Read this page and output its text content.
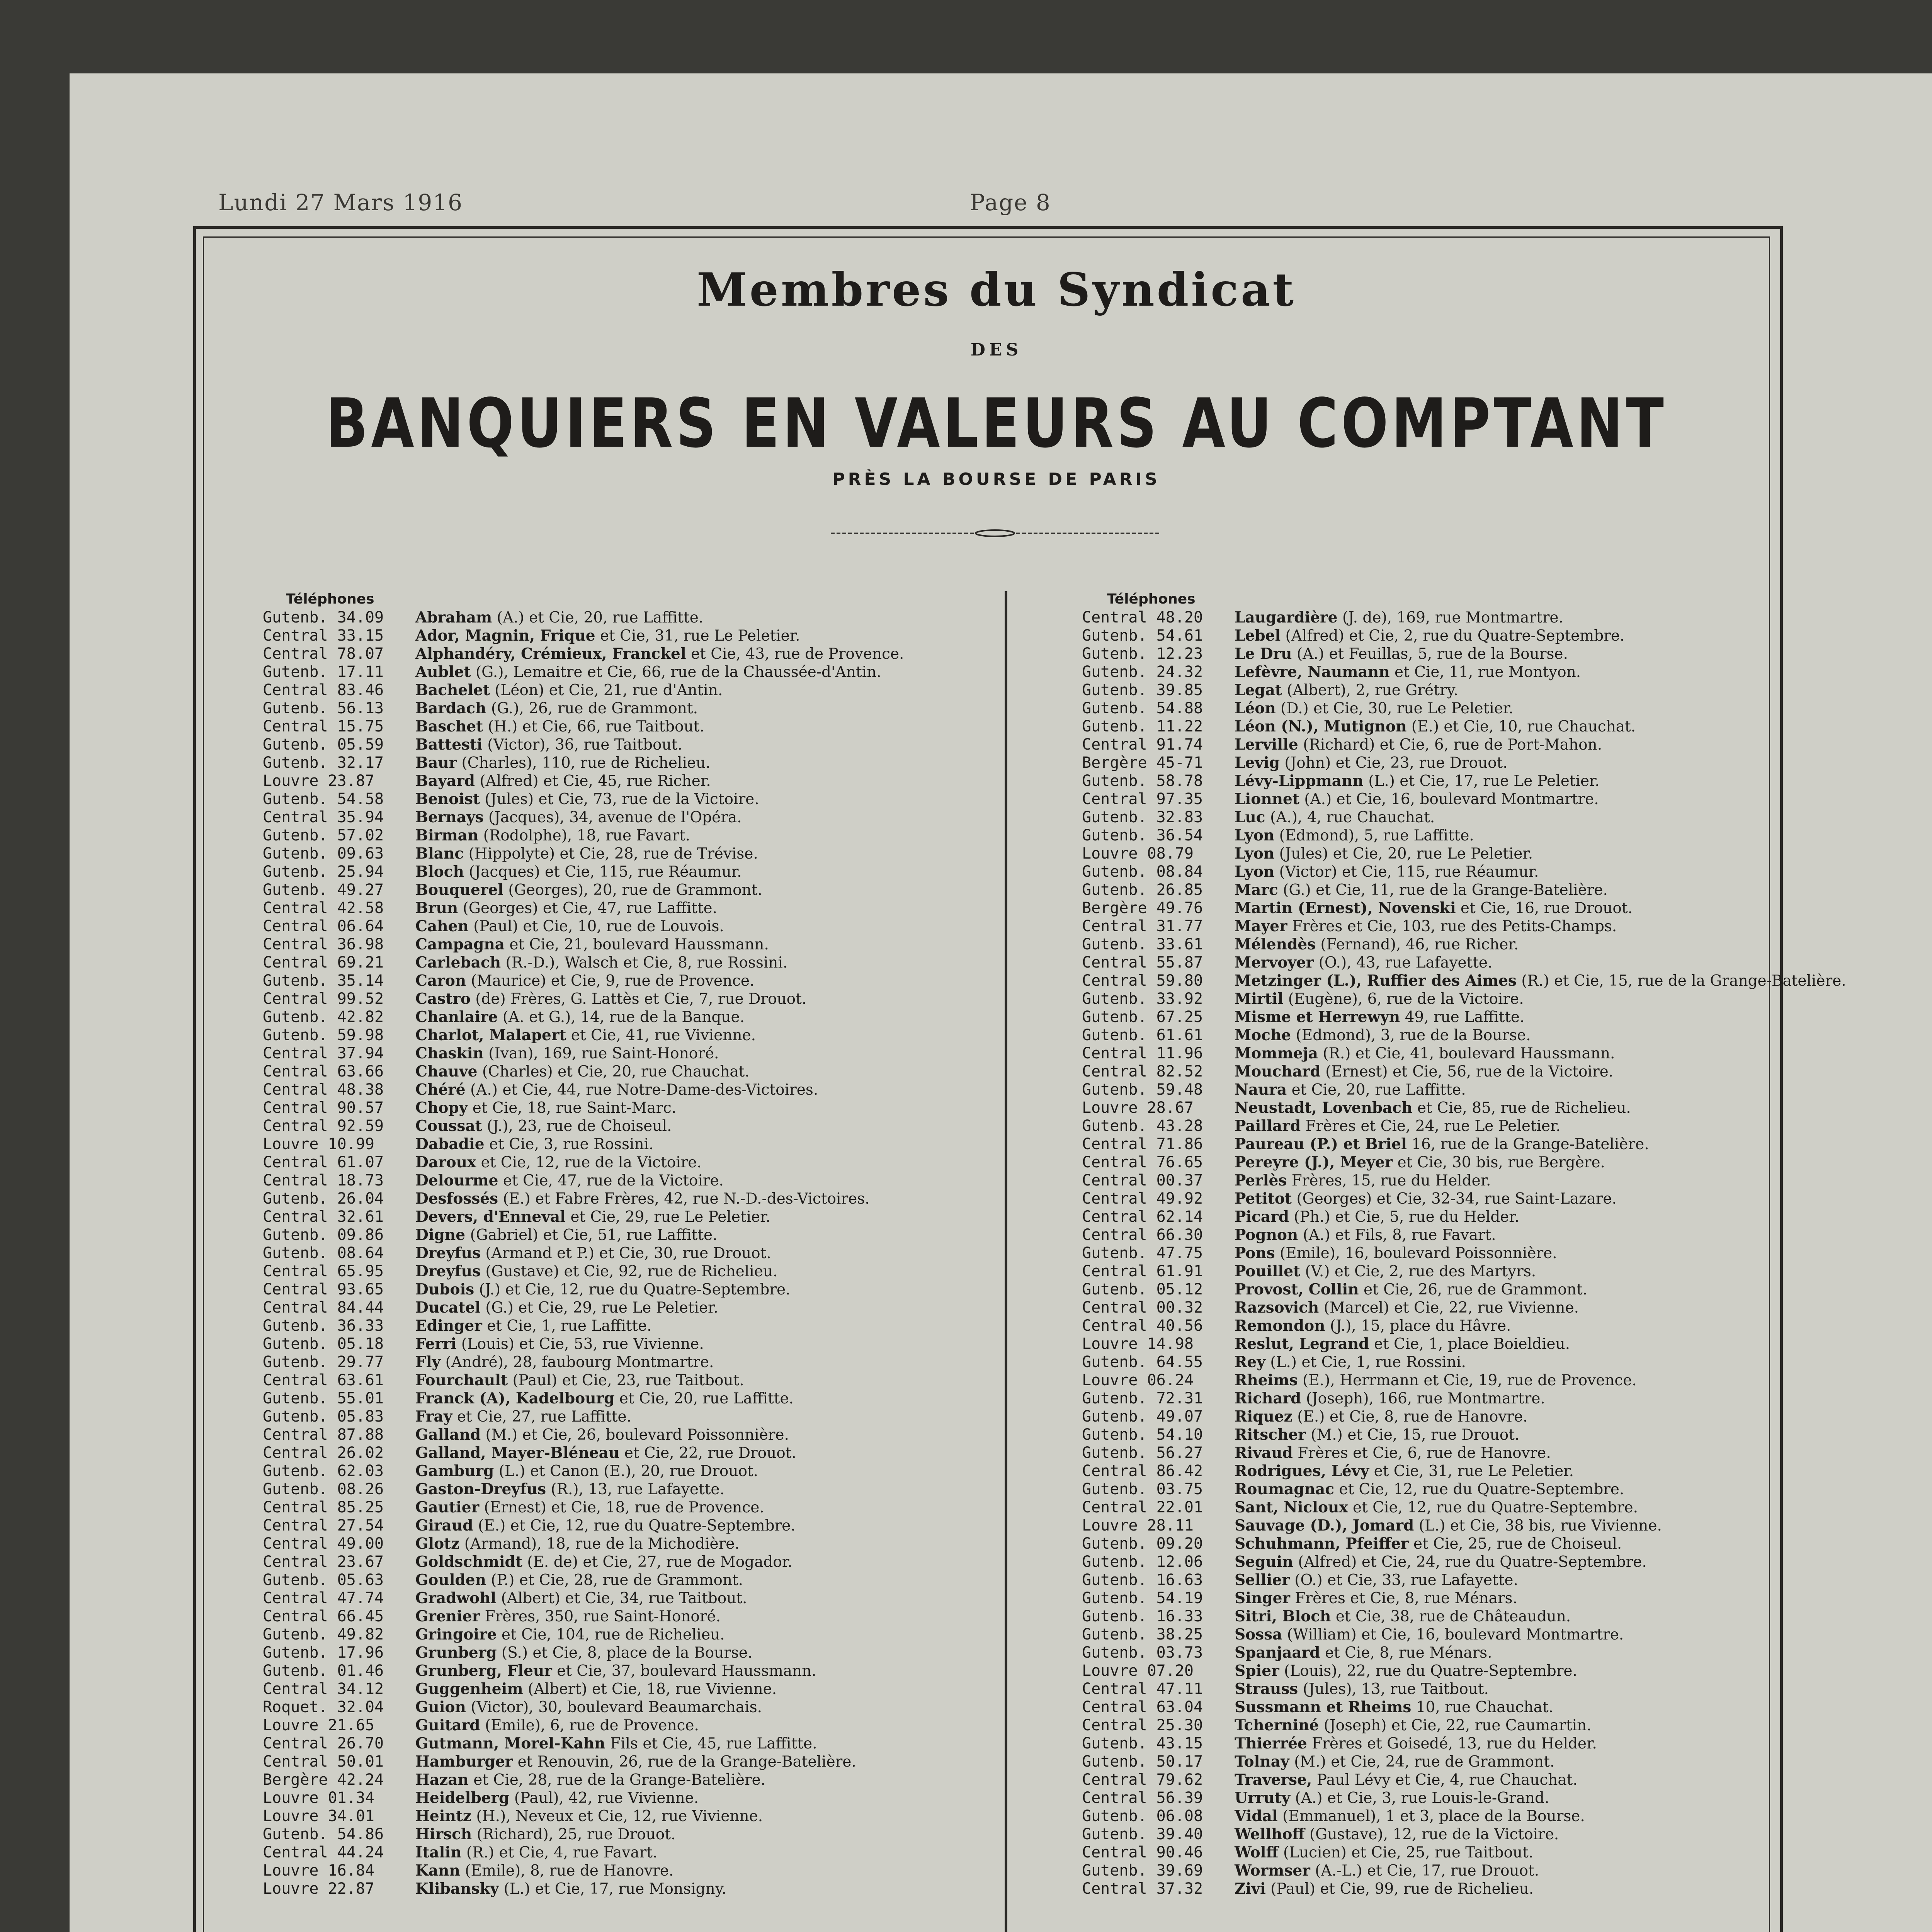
Lundi 27 Mars 1916	Page 8
Membres du Syndicat
DES
BANQUIERS EN VALEURS AU COMPTANT
PRÈS LA BOURSE DE PARIS
Téléphones	Téléphones
Gutenb. 34.09 Abraham (A.) et Cie, 20, rue Laffitte.
Central 33.15 Ador, Magnin, Frique et Cie, 31, rue Le Peletier.
Central 78.07 Alphandéry, Crémieux, Franckel et Cie, 43, rue de Provence.
Gutenb. 17.11 Aublet (G.), Lemaitre et Cie, 66, rue de la Chaussée-d'Antin.
Central 83.46 Bachelet (Léon) et Cie, 21, rue d'Antin.
Gutenb. 56.13 Bardach (G.), 26, rue de Grammont.
Central 15.75 Baschet (H.) et Cie, 66, rue Taitbout.
Gutenb. 05.59 Battesti (Victor), 36, rue Taitbout.
Gutenb. 32.17 Baur (Charles), 110, rue de Richelieu.
Louvre 23.87	Bayard (Alfred) et Cie, 45, rue Richer.
Gutenb. 54.58 Benoist (Jules) et Cie, 73, rue de la Victoire.
Central 35.94 Bernays (Jacques), 34, avenue de l'Opéra.
Gutenb. 57.02 Birman (Rodolphe), 18, rue Favart.
Gutenb. 09.63 Blanc (Hippolyte) et Cie, 28, rue de Trévise.
Gutenb. 25.94 Bloch (Jacques) et Cie, 115, rue Réaumur.
Gutenb. 49.27 Bouquerel (Georges), 20, rue de Grammont.
Central 42.58 Brun (Georges) et Cie, 47, rue Laffitte.
Central 06.64 Cahen (Paul) et Cie, 10, rue de Louvois.
Central 36.98 Campagna et Cie, 21, boulevard Haussmann.
Central 69.21 Carlebach (R.-D.), Walsch et Cie, 8, rue Rossini.
Gutenb. 35.14 Caron (Maurice) et Cie, 9, rue de Provence.
Central 99.52 Castro (de) Frères, G. Lattès et Cie, 7, rue Drouot.
Gutenb. 42.82 Chanlaire (A. et G.), 14, rue de la Banque.
Gutenb. 59.98 Charlot, Malapert et Cie, 41, rue Vivienne.
Central 37.94 Chaskin (Ivan), 169, rue Saint-Honoré.
Central 63.66 Chauve (Charles) et Cie, 20, rue Chauchat.
Central 48.38 Chéré (A.) et Cie, 44, rue Notre-Dame-des-Victoires.
Central 90.57 Chopy et Cie, 18, rue Saint-Marc.
Central 92.59 Coussat (J.), 23, rue de Choiseul.
Louvre 10.99	Dabadie et Cie, 3, rue Rossini.
Central 61.07 Daroux et Cie, 12, rue de la Victoire.
Central 18.73 Delourme et Cie, 47, rue de la Victoire.
Gutenb. 26.04 Desfossés (E.) et Fabre Frères, 42, rue N.-D.-des-Victoires.
Central 32.61 Devers, d'Enneval et Cie, 29, rue Le Peletier.
Gutenb. 09.86 Digne (Gabriel) et Cie, 51, rue Laffitte.
Gutenb. 08.64 Dreyfus (Armand et P.) et Cie, 30, rue Drouot.
Central 65.95 Dreyfus (Gustave) et Cie, 92, rue de Richelieu.
Central 93.65 Dubois (J.) et Cie, 12, rue du Quatre-Septembre.
Central 84.44 Ducatel (G.) et Cie, 29, rue Le Peletier.
Gutenb. 36.33 Edinger et Cie, 1, rue Laffitte.
Gutenb. 05.18 Ferri (Louis) et Cie, 53, rue Vivienne.
Gutenb. 29.77 Fly (André), 28, faubourg Montmartre.
Central 63.61 Fourchault (Paul) et Cie, 23, rue Taitbout.
Gutenb. 55.01 Franck (A), Kadelbourg et Cie, 20, rue Laffitte.
Gutenb. 05.83 Fray et Cie, 27, rue Laffitte.
Central 87.88 Galland (M.) et Cie, 26, boulevard Poissonnière.
Central 26.02 Galland, Mayer-Bléneau et Cie, 22, rue Drouot.
Gutenb. 62.03 Gamburg (L.) et Canon (E.), 20, rue Drouot.
Gutenb. 08.26 Gaston-Dreyfus (R.), 13, rue Lafayette.
Central 85.25 Gautier (Ernest) et Cie, 18, rue de Provence.
Central 27.54 Giraud (E.) et Cie, 12, rue du Quatre-Septembre.
Central 49.00 Glotz (Armand), 18, rue de la Michodière.
Central 23.67 Goldschmidt (E. de) et Cie, 27, rue de Mogador.
Gutenb. 05.63 Goulden (P.) et Cie, 28, rue de Grammont.
Central 47.74 Gradwohl (Albert) et Cie, 34, rue Taitbout.
Central 66.45 Grenier Frères, 350, rue Saint-Honoré.
Gutenb. 49.82 Gringoire et Cie, 104, rue de Richelieu.
Gutenb. 17.96 Grunberg (S.) et Cie, 8, place de la Bourse.
Gutenb. 01.46 Grunberg, Fleur et Cie, 37, boulevard Haussmann.
Central 34.12 Guggenheim (Albert) et Cie, 18, rue Vivienne.
Roquet. 32.04 Guion (Victor), 30, boulevard Beaumarchais.
Louvre 21.65	Guitard (Emile), 6, rue de Provence.
Central 26.70 Gutmann, Morel-Kahn Fils et Cie, 45, rue Laffitte.
Central 50.01 Hamburger et Renouvin, 26, rue de la Grange-Batelière.
Bergère 42.24 Hazan et Cie, 28, rue de la Grange-Batelière.
Louvre 01.34	Heidelberg (Paul), 42, rue Vivienne.
Louvre 34.01	Heintz (H.), Neveux et Cie, 12, rue Vivienne.
Gutenb. 54.86 Hirsch (Richard), 25, rue Drouot.
Central 44.24 Italin (R.) et Cie, 4, rue Favart.
Louvre 16.84	Kann (Emile), 8, rue de Hanovre.
Louvre 22.87	Klibansky (L.) et Cie, 17, rue Monsigny.
Central 48.20 Laugardière (J. de), 169, rue Montmartre.
Gutenb. 54.61 Lebel (Alfred) et Cie, 2, rue du Quatre-Septembre.
Gutenb. 12.23 Le Dru (A.) et Feuillas, 5, rue de la Bourse.
Gutenb. 24.32 Lefèvre, Naumann et Cie, 11, rue Montyon.
Gutenb. 39.85 Legat (Albert), 2, rue Grétry.
Gutenb. 54.88 Léon (D.) et Cie, 30, rue Le Peletier.
Gutenb. 11.22 Léon (N.), Mutignon (E.) et Cie, 10, rue Chauchat.
Central 91.74 Lerville (Richard) et Cie, 6, rue de Port-Mahon.
Bergère 45-71 Levig (John) et Cie, 23, rue Drouot.
Gutenb. 58.78 Lévy-Lippmann (L.) et Cie, 17, rue Le Peletier.
Central 97.35 Lionnet (A.) et Cie, 16, boulevard Montmartre.
Gutenb. 32.83 Luc (A.), 4, rue Chauchat.
Gutenb. 36.54 Lyon (Edmond), 5, rue Laffitte.
Louvre 08.79	Lyon (Jules) et Cie, 20, rue Le Peletier.
Gutenb. 08.84 Lyon (Victor) et Cie, 115, rue Réaumur.
Gutenb. 26.85 Marc (G.) et Cie, 11, rue de la Grange-Batelière.
Bergère 49.76 Martin (Ernest), Novenski et Cie, 16, rue Drouot.
Central 31.77 Mayer Frères et Cie, 103, rue des Petits-Champs.
Gutenb. 33.61 Mélendès (Fernand), 46, rue Richer.
Central 55.87 Mervoyer (O.), 43, rue Lafayette.
Central 59.80 Metzinger (L.), Ruffier des Aimes (R.) et Cie, 15, rue de la Grange-Batelière.
Gutenb. 33.92 Mirtil (Eugène), 6, rue de la Victoire.
Gutenb. 67.25 Misme et Herrewyn 49, rue Laffitte.
Gutenb. 61.61 Moche (Edmond), 3, rue de la Bourse.
Central 11.96 Mommeja (R.) et Cie, 41, boulevard Haussmann.
Central 82.52 Mouchard (Ernest) et Cie, 56, rue de la Victoire.
Gutenb. 59.48 Naura et Cie, 20, rue Laffitte.
Louvre 28.67	Neustadt, Lovenbach et Cie, 85, rue de Richelieu.
Gutenb. 43.28 Paillard Frères et Cie, 24, rue Le Peletier.
Central 71.86 Paureau (P.) et Briel 16, rue de la Grange-Batelière.
Central 76.65 Pereyre (J.), Meyer et Cie, 30 bis, rue Bergère.
Central 00.37 Perlès Frères, 15, rue du Helder.
Central 49.92 Petitot (Georges) et Cie, 32-34, rue Saint-Lazare.
Central 62.14 Picard (Ph.) et Cie, 5, rue du Helder.
Central 66.30 Pognon (A.) et Fils, 8, rue Favart.
Gutenb. 47.75 Pons (Emile), 16, boulevard Poissonnière.
Central 61.91 Pouillet (V.) et Cie, 2, rue des Martyrs.
Gutenb. 05.12 Provost, Collin et Cie, 26, rue de Grammont.
Central 00.32 Razsovich (Marcel) et Cie, 22, rue Vivienne.
Central 40.56 Remondon (J.), 15, place du Hâvre.
Louvre 14.98	Reslut, Legrand et Cie, 1, place Boieldieu.
Gutenb. 64.55 Rey (L.) et Cie, 1, rue Rossini.
Louvre 06.24	Rheims (E.), Herrmann et Cie, 19, rue de Provence.
Gutenb. 72.31 Richard (Joseph), 166, rue Montmartre.
Gutenb. 49.07 Riquez (E.) et Cie, 8, rue de Hanovre.
Gutenb. 54.10 Ritscher (M.) et Cie, 15, rue Drouot.
Gutenb. 56.27 Rivaud Frères et Cie, 6, rue de Hanovre.
Central 86.42 Rodrigues, Lévy et Cie, 31, rue Le Peletier.
Gutenb. 03.75 Roumagnac et Cie, 12, rue du Quatre-Septembre.
Central 22.01 Sant, Nicloux et Cie, 12, rue du Quatre-Septembre.
Louvre 28.11	Sauvage (D.), Jomard (L.) et Cie, 38 bis, rue Vivienne.
Gutenb. 09.20 Schuhmann, Pfeiffer et Cie, 25, rue de Choiseul.
Gutenb. 12.06 Seguin (Alfred) et Cie, 24, rue du Quatre-Septembre.
Gutenb. 16.63 Sellier (O.) et Cie, 33, rue Lafayette.
Gutenb. 54.19 Singer Frères et Cie, 8, rue Ménars.
Gutenb. 16.33 Sitri, Bloch et Cie, 38, rue de Châteaudun.
Gutenb. 38.25 Sossa (William) et Cie, 16, boulevard Montmartre.
Gutenb. 03.73 Spanjaard et Cie, 8, rue Ménars.
Louvre 07.20	Spier (Louis), 22, rue du Quatre-Septembre.
Central 47.11 Strauss (Jules), 13, rue Taitbout.
Central 63.04 Sussmann et Rheims 10, rue Chauchat.
Central 25.30 Tcherniné (Joseph) et Cie, 22, rue Caumartin.
Gutenb. 43.15 Thierrée Frères et Goisedé, 13, rue du Helder.
Gutenb. 50.17 Tolnay (M.) et Cie, 24, rue de Grammont.
Central 79.62 Traverse, Paul Lévy et Cie, 4, rue Chauchat.
Central 56.39 Urruty (A.) et Cie, 3, rue Louis-le-Grand.
Gutenb. 06.08 Vidal (Emmanuel), 1 et 3, place de la Bourse.
Gutenb. 39.40 Wellhoff (Gustave), 12, rue de la Victoire.
Central 90.46 Wolff (Lucien) et Cie, 25, rue Taitbout.
Gutenb. 39.69 Wormser (A.-L.) et Cie, 17, rue Drouot.
Central 37.32 Zivi (Paul) et Cie, 99, rue de Richelieu.
